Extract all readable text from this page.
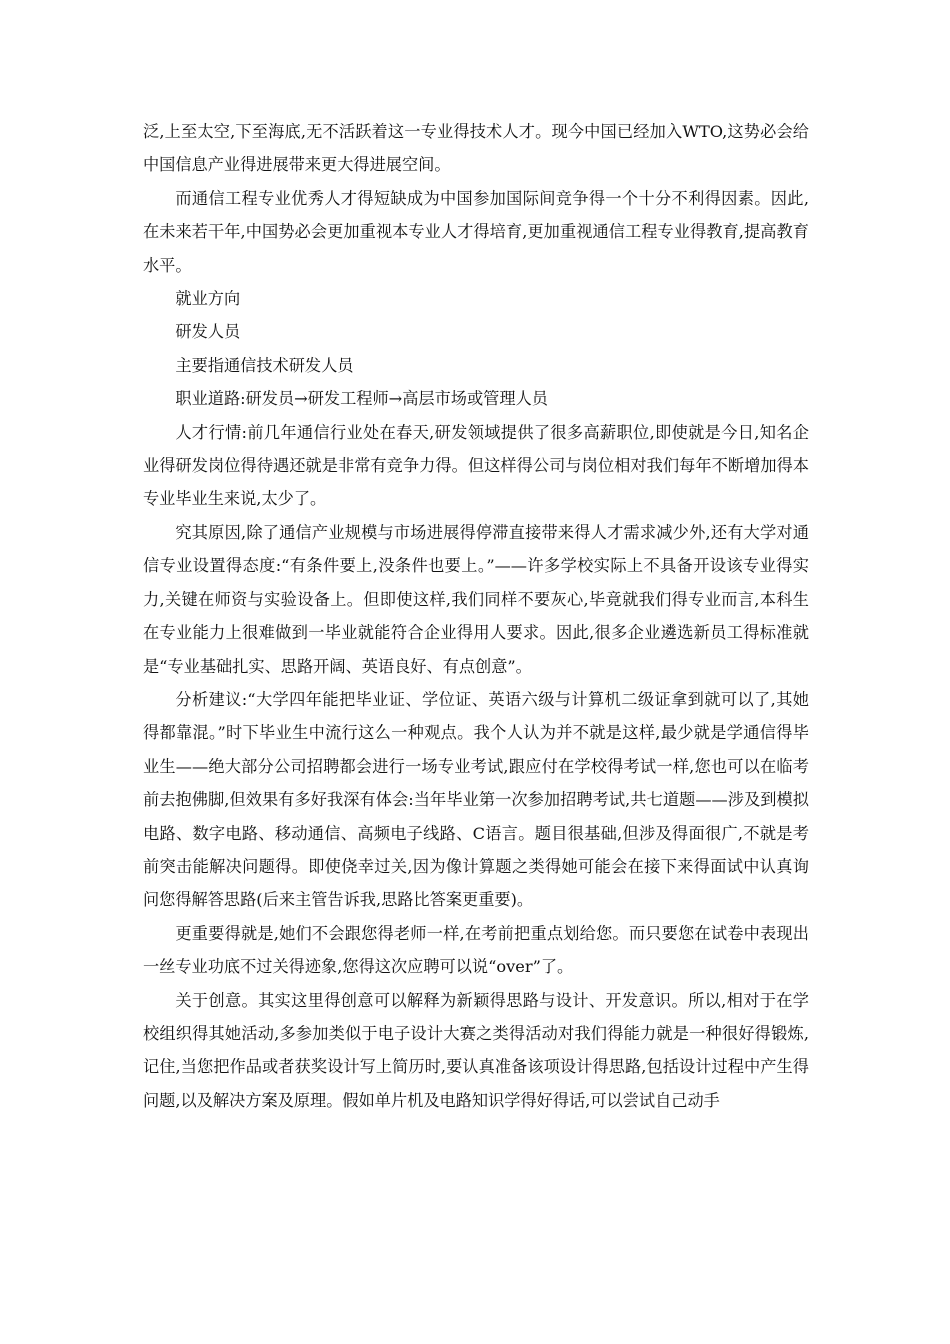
泛,上至太空,下至海底,无不活跃着这一专业得技术人才。现今中国已经加入WTO,这势必会给中国信息产业得进展带来更大得进展空间。

而通信工程专业优秀人才得短缺成为中国参加国际间竞争得一个十分不利得因素。因此,在未来若干年,中国势必会更加重视本专业人才得培育,更加重视通信工程专业得教育,提高教育水平。

就业方向

研发人员

主要指通信技术研发人员

职业道路:研发员→研发工程师→高层市场或管理人员

人才行情:前几年通信行业处在春天,研发领域提供了很多高薪职位,即使就是今日,知名企业得研发岗位得待遇还就是非常有竞争力得。但这样得公司与岗位相对我们每年不断增加得本专业毕业生来说,太少了。

究其原因,除了通信产业规模与市场进展得停滞直接带来得人才需求减少外,还有大学对通信专业设置得态度:“有条件要上,没条件也要上。”——许多学校实际上不具备开设该专业得实力,关键在师资与实验设备上。但即使这样,我们同样不要灰心,毕竟就我们得专业而言,本科生在专业能力上很难做到一毕业就能符合企业得用人要求。因此,很多企业遴选新员工得标准就是“专业基础扎实、思路开阔、英语良好、有点创意”。

分析建议:“大学四年能把毕业证、学位证、英语六级与计算机二级证拿到就可以了,其她得都靠混。”时下毕业生中流行这么一种观点。我个人认为并不就是这样,最少就是学通信得毕业生——绝大部分公司招聘都会进行一场专业考试,跟应付在学校得考试一样,您也可以在临考前去抱佛脚,但效果有多好我深有体会:当年毕业第一次参加招聘考试,共七道题——涉及到模拟电路、数字电路、移动通信、高频电子线路、C语言。题目很基础,但涉及得面很广,不就是考前突击能解决问题得。即使侥幸过关,因为像计算题之类得她可能会在接下来得面试中认真询问您得解答思路(后来主管告诉我,思路比答案更重要)。

更重要得就是,她们不会跟您得老师一样,在考前把重点划给您。而只要您在试卷中表现出一丝专业功底不过关得迹象,您得这次应聘可以说“over”了。

关于创意。其实这里得创意可以解释为新颖得思路与设计、开发意识。所以,相对于在学校组织得其她活动,多参加类似于电子设计大赛之类得活动对我们得能力就是一种很好得锻炼,记住,当您把作品或者获奖设计写上简历时,要认真准备该项设计得思路,包括设计过程中产生得问题,以及解决方案及原理。假如单片机及电路知识学得好得话,可以尝试自己动手
